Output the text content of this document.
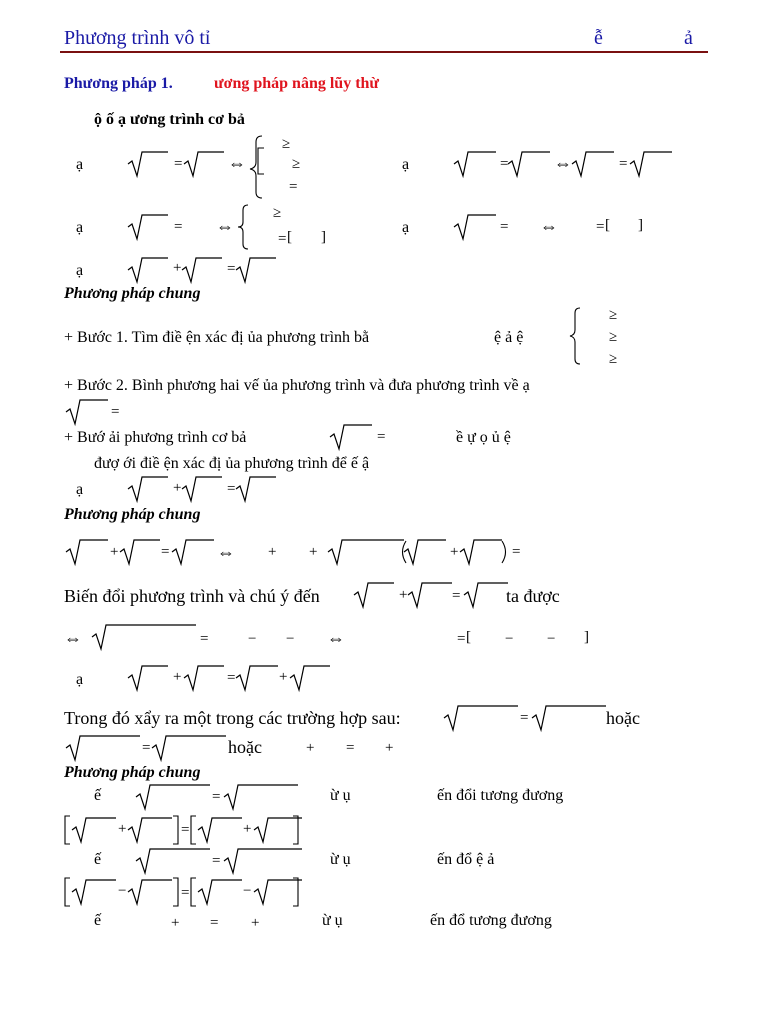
Phương trình vô tỉ	ễ	ả
Phương pháp 1.	ương pháp nâng lũy thừ
ộ ố ạ ương trình cơ bả
ạ	=	⇔
≥
≥
=
ạ	=	⇔	=
ạ	= ⇔
≥
= [ ]
ạ	= ⇔	= [ ]
ạ	+	=
Phương pháp chung
+ Bước 1. Tìm điề ện xác đị ủa phương trình bằ	ệ ả ệ
≥
≥
≥
+ Bước 2. Bình phương hai vế ủa phương trình và đưa phương trình về ạ
=
+ Bướ ải phương trình cơ bả	=	ề ự ọ ủ ệ
đượ ới điề ện xác đị ủa phương trình để ế ậ
ạ	+	=
Phương pháp chung
+	=	⇔ + +	+	=
Biến đổi phương trình và chú ý đến	+	=	ta được
⇔	=	− − ⇔	= [ − − ]
ạ	+	=	+
Trong đó xẩy ra một trong các trường hợp sau:	=	hoặc
=	hoặc	+ = +
Phương pháp chung
ế	=	ừ ụ	ến đổi tương đương
+	=	+
ế	=	ừ ụ	ến đổ ệ ả
−	=	−
ế	+ = +	ừ ụ	ến đổ tương đương
